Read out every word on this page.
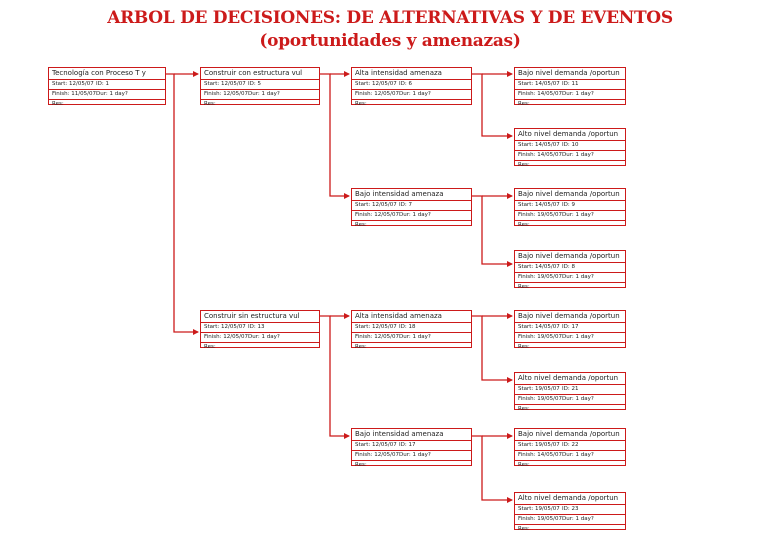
ARBOL DE DECISIONES: DE ALTERNATIVAS Y DE EVENTOS
(oportunidades y amenazas)
Tecnología con Proceso T y
Start: 12/05/07 ID: 1
Finish: 11/05/07 Dur: 1 day?
Res:
Construir con estructura vul
Start: 12/05/07 ID: 5
Finish: 12/05/07 Dur: 1 day?
Res:
Alta intensidad amenaza
Start: 12/05/07 ID: 6
Finish: 12/05/07 Dur: 1 day?
Res:
Bajo nivel demanda /oportun
Start: 14/05/07 ID: 11
Finish: 14/05/07 Dur: 1 day?
Res:
Alto nivel demanda /oportun
Start: 14/05/07 ID: 10
Finish: 14/05/07 Dur: 1 day?
Res:
Bajo intensidad amenaza
Start: 12/05/07 ID: 7
Finish: 12/05/07 Dur: 1 day?
Res:
Bajo nivel demanda /oportun
Start: 14/05/07 ID: 9
Finish: 19/05/07 Dur: 1 day?
Res:
Bajo nivel demanda /oportun
Start: 14/05/07 ID: 8
Finish: 19/05/07 Dur: 1 day?
Res:
Construir sin estructura vul
Start: 12/05/07 ID: 13
Finish: 12/05/07 Dur: 1 day?
Res:
Alta intensidad amenaza
Start: 12/05/07 ID: 18
Finish: 12/05/07 Dur: 1 day?
Res:
Bajo nivel demanda /oportun
Start: 14/05/07 ID: 17
Finish: 19/05/07 Dur: 1 day?
Res:
Alto nivel demanda /oportun
Start: 19/05/07 ID: 21
Finish: 19/05/07 Dur: 1 day?
Res:
Bajo intensidad amenaza
Start: 12/05/07 ID: 17
Finish: 12/05/07 Dur: 1 day?
Res:
Bajo nivel demanda /oportun
Start: 19/05/07 ID: 22
Finish: 14/05/07 Dur: 1 day?
Res:
Alto nivel demanda /oportun
Start: 19/05/07 ID: 23
Finish: 19/05/07 Dur: 1 day?
Res:
